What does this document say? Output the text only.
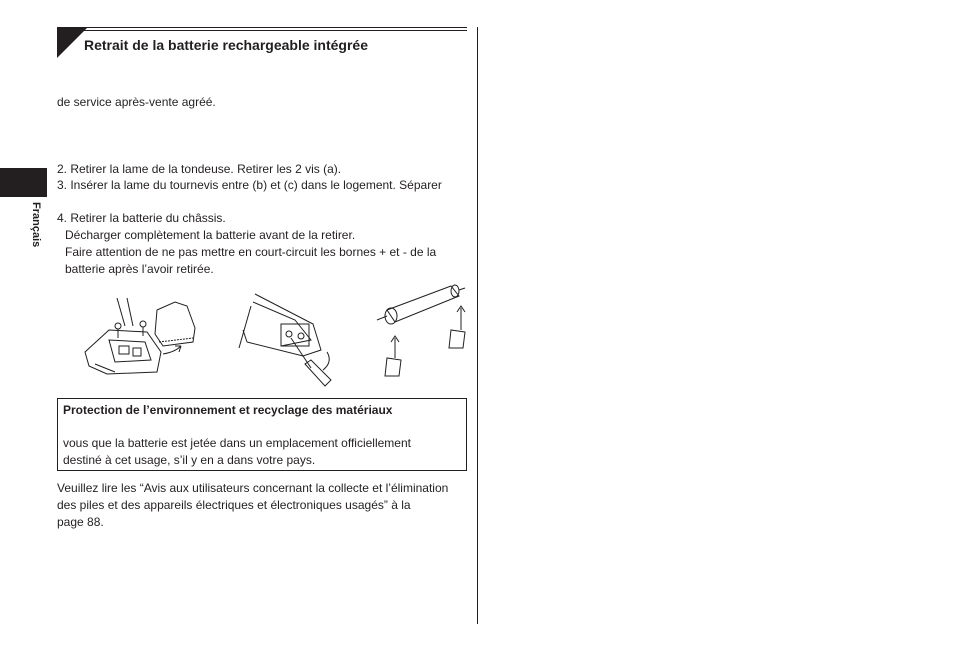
Retrait de la batterie rechargeable intégrée
Français
de service après-vente agréé.
2. Retirer la lame de la tondeuse. Retirer les 2 vis (a).
3. Insérer la lame du tournevis entre (b) et (c) dans le logement. Séparer
4. Retirer la batterie du châssis.
Décharger complètement la batterie avant de la retirer.
Faire attention de ne pas mettre en court-circuit les bornes + et - de la
batterie après l’avoir retirée.
Protection de l’environnement et recyclage des matériaux
vous que la batterie est jetée dans un emplacement officiellement
destiné à cet usage, s’il y en a dans votre pays.
Veuillez lire les “Avis aux utilisateurs concernant la collecte et l’élimination
des piles et des appareils électriques et électroniques usagés” à la
page 88.
